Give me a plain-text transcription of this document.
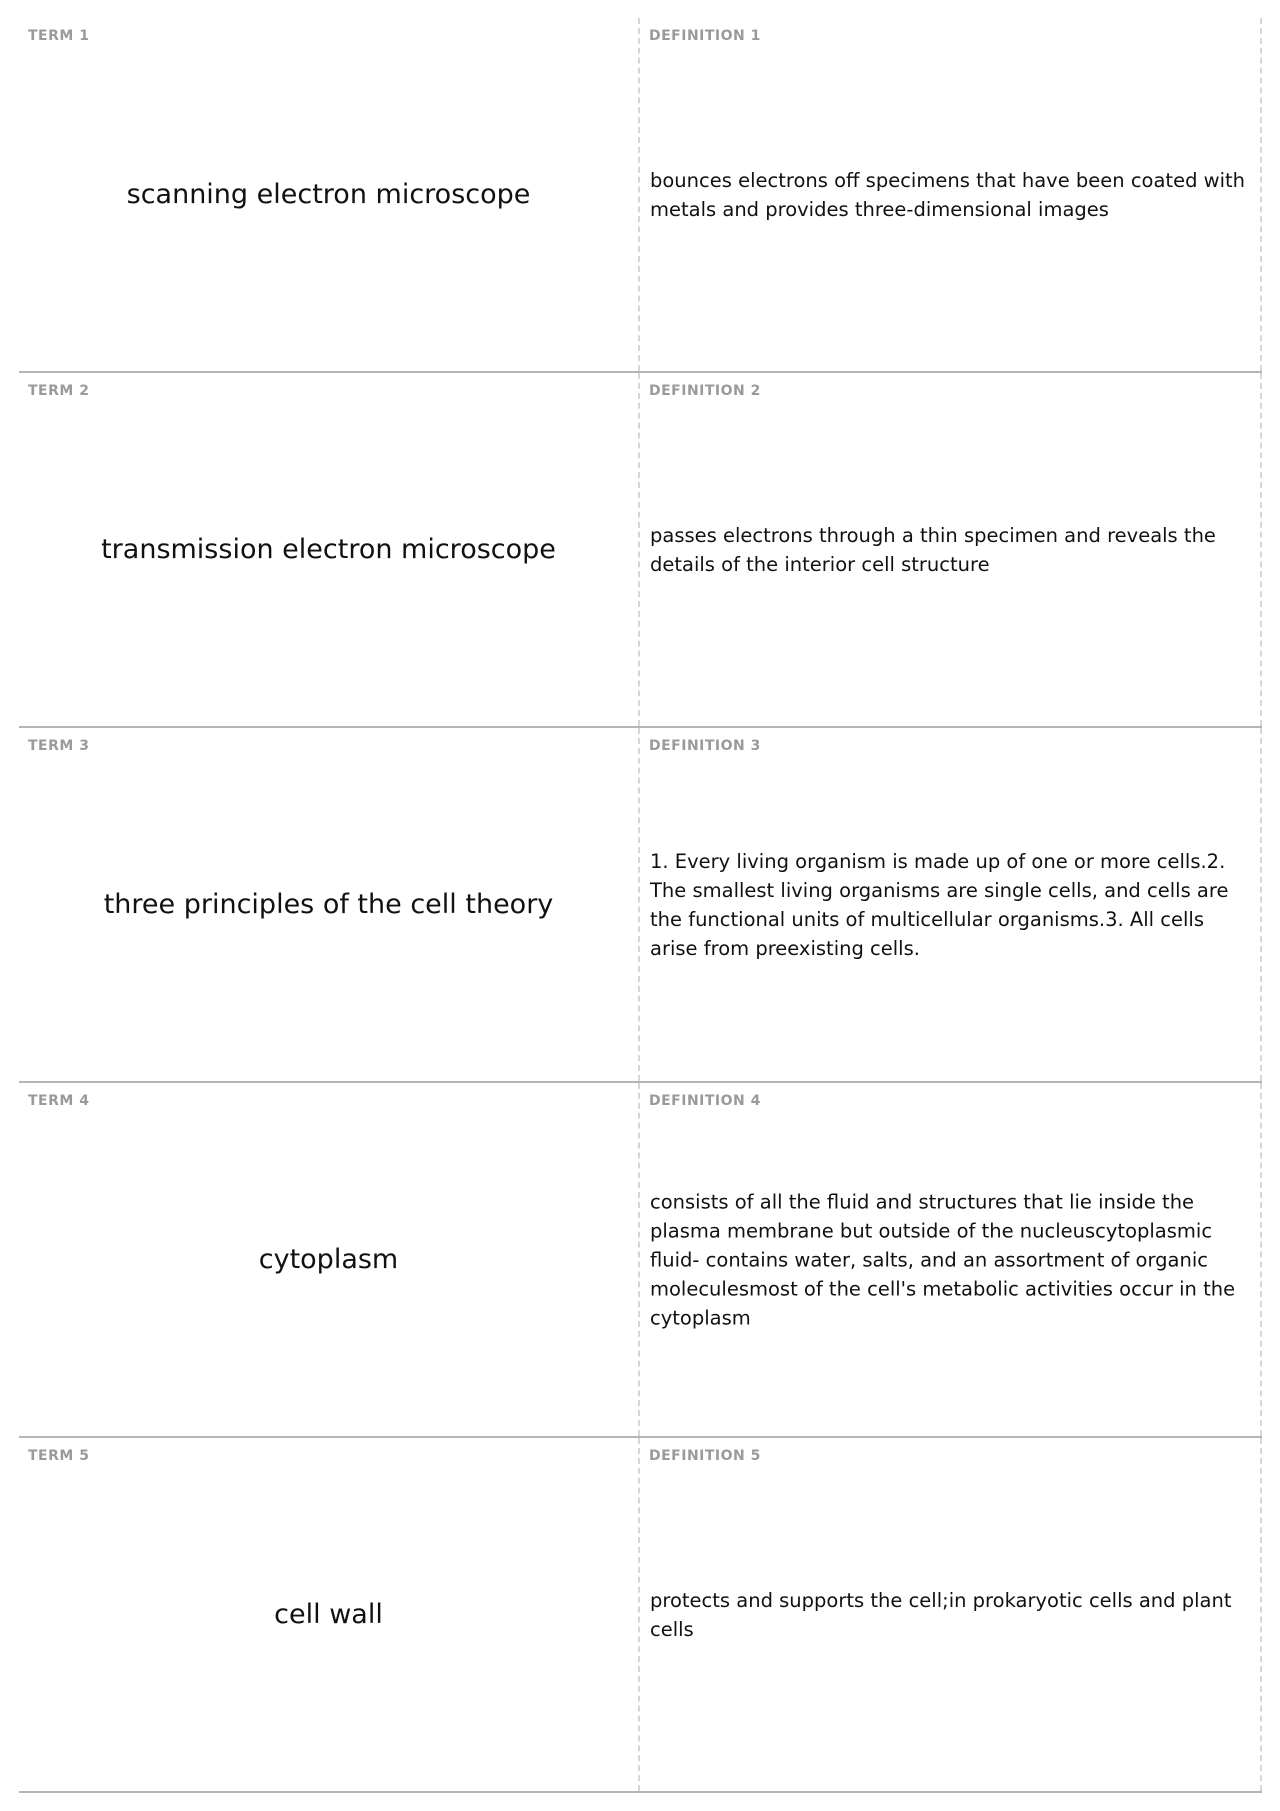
TERM 1
scanning electron microscope
DEFINITION 1
bounces electrons off specimens that have been coated with metals and provides three-dimensional images
TERM 2
transmission electron microscope
DEFINITION 2
passes electrons through a thin specimen and reveals the details of the interior cell structure
TERM 3
three principles of the cell theory
DEFINITION 3
1. Every living organism is made up of one or more cells.2. The smallest living organisms are single cells, and cells are the functional units of multicellular organisms.3. All cells arise from preexisting cells.
TERM 4
cytoplasm
DEFINITION 4
consists of all the fluid and structures that lie inside the plasma membrane but outside of the nucleuscytoplasmic fluid- contains water, salts, and an assortment of organic moleculesmost of the cell's metabolic activities occur in the cytoplasm
TERM 5
cell wall
DEFINITION 5
protects and supports the cell;in prokaryotic cells and plant cells
